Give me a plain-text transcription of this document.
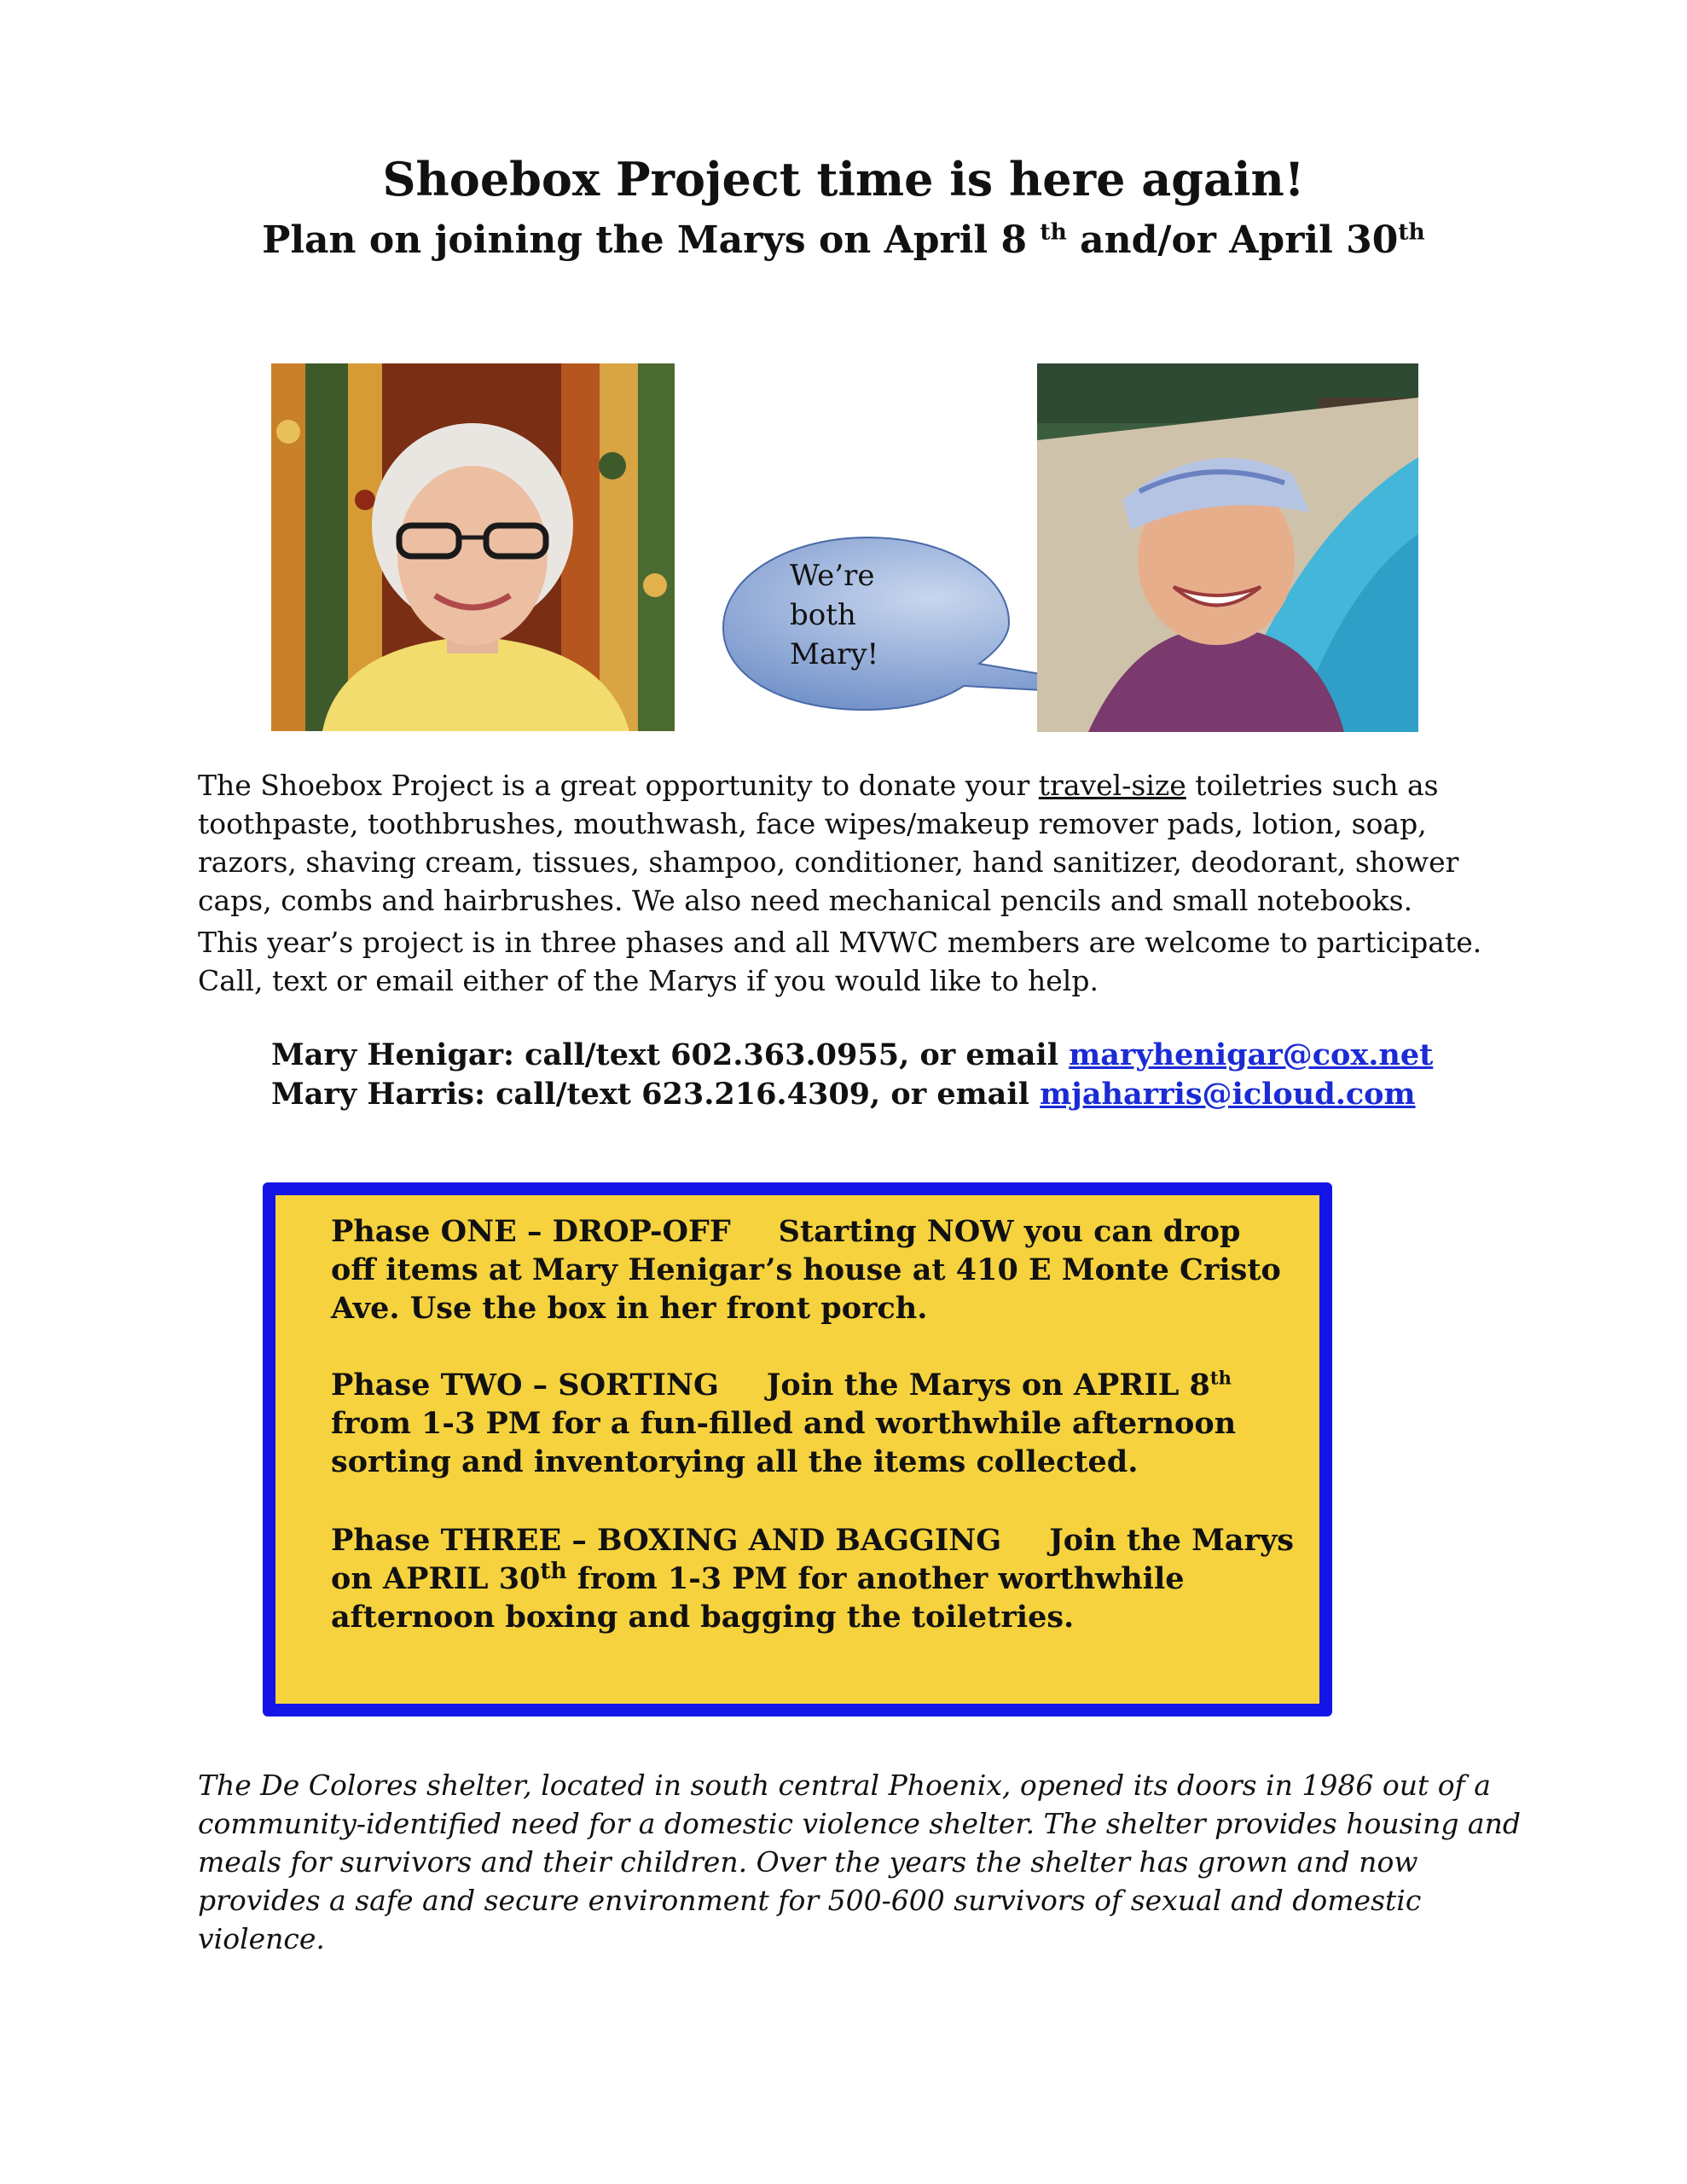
Shoebox Project time is here again!
Plan on joining the Marys on April 8 $^{th}$ and/or April 30th
We’re
both
Mary!

The Shoebox Project is a great opportunity to donate your travel-size toiletries such as toothpaste, toothbrushes, mouthwash, face wipes/makeup remover pads, lotion, soap, razors, shaving cream, tissues, shampoo, conditioner, hand sanitizer, deodorant, shower caps, combs and hairbrushes. We also need mechanical pencils and small notebooks.

This year’s project is in three phases and all MVWC members are welcome to participate. Call, text or email either of the Marys if you would like to help.

Mary Henigar: call/text 602.363.0955, or email maryhenigar@cox.net
Mary Harris: call/text 623.216.4309, or email mjaharris@icloud.com

Phase ONE – DROP-OFF Starting NOW you can drop off items at Mary Henigar’s house at 410 E Monte Cristo Ave. Use the box in her front porch.

Phase TWO – SORTING Join the Marys on APRIL 8th from 1-3 PM for a fun-filled and worthwhile afternoon sorting and inventorying all the items collected.

Phase THREE – BOXING AND BAGGING Join the Marys on APRIL 30th from 1-3 PM for another worthwhile afternoon boxing and bagging the toiletries.

The De Colores shelter, located in south central Phoenix, opened its doors in 1986 out of a community-identified need for a domestic violence shelter. The shelter provides housing and meals for survivors and their children. Over the years the shelter has grown and now provides a safe and secure environment for 500-600 survivors of sexual and domestic violence.
